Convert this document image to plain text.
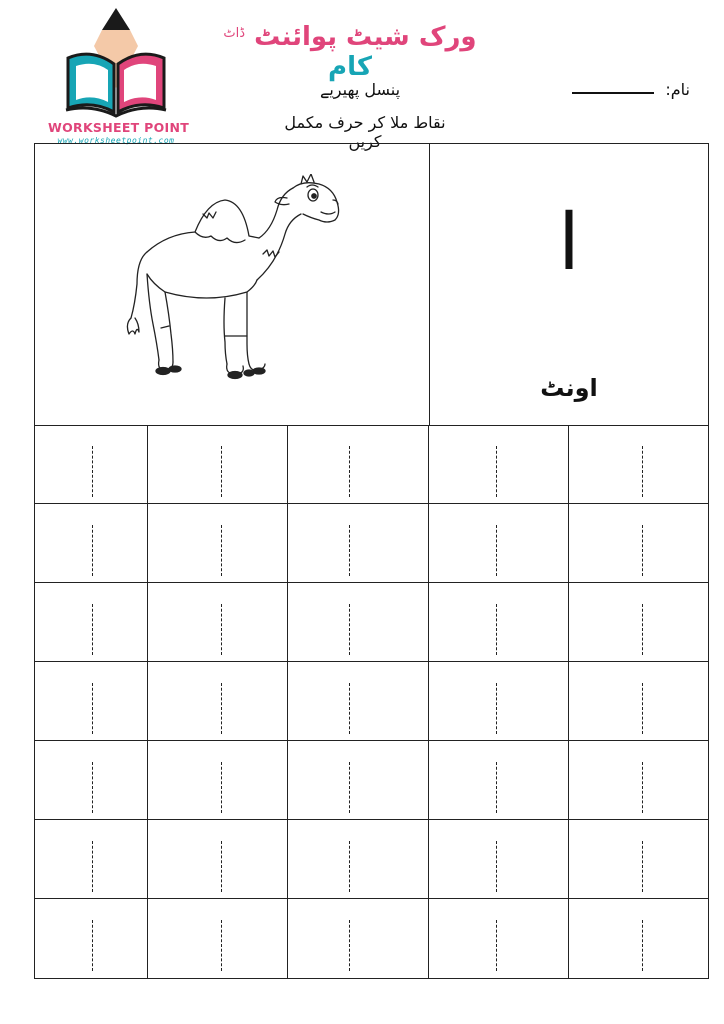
WORKSHEET POINT
www.worksheetpoint.com
ورک شیٹ پوائنٹ $^{ڈاٹ}$ کام
پنسل پھیریے
نقاط ملا کر حرف مکمل کریں
نام:
ا
اونٹ
